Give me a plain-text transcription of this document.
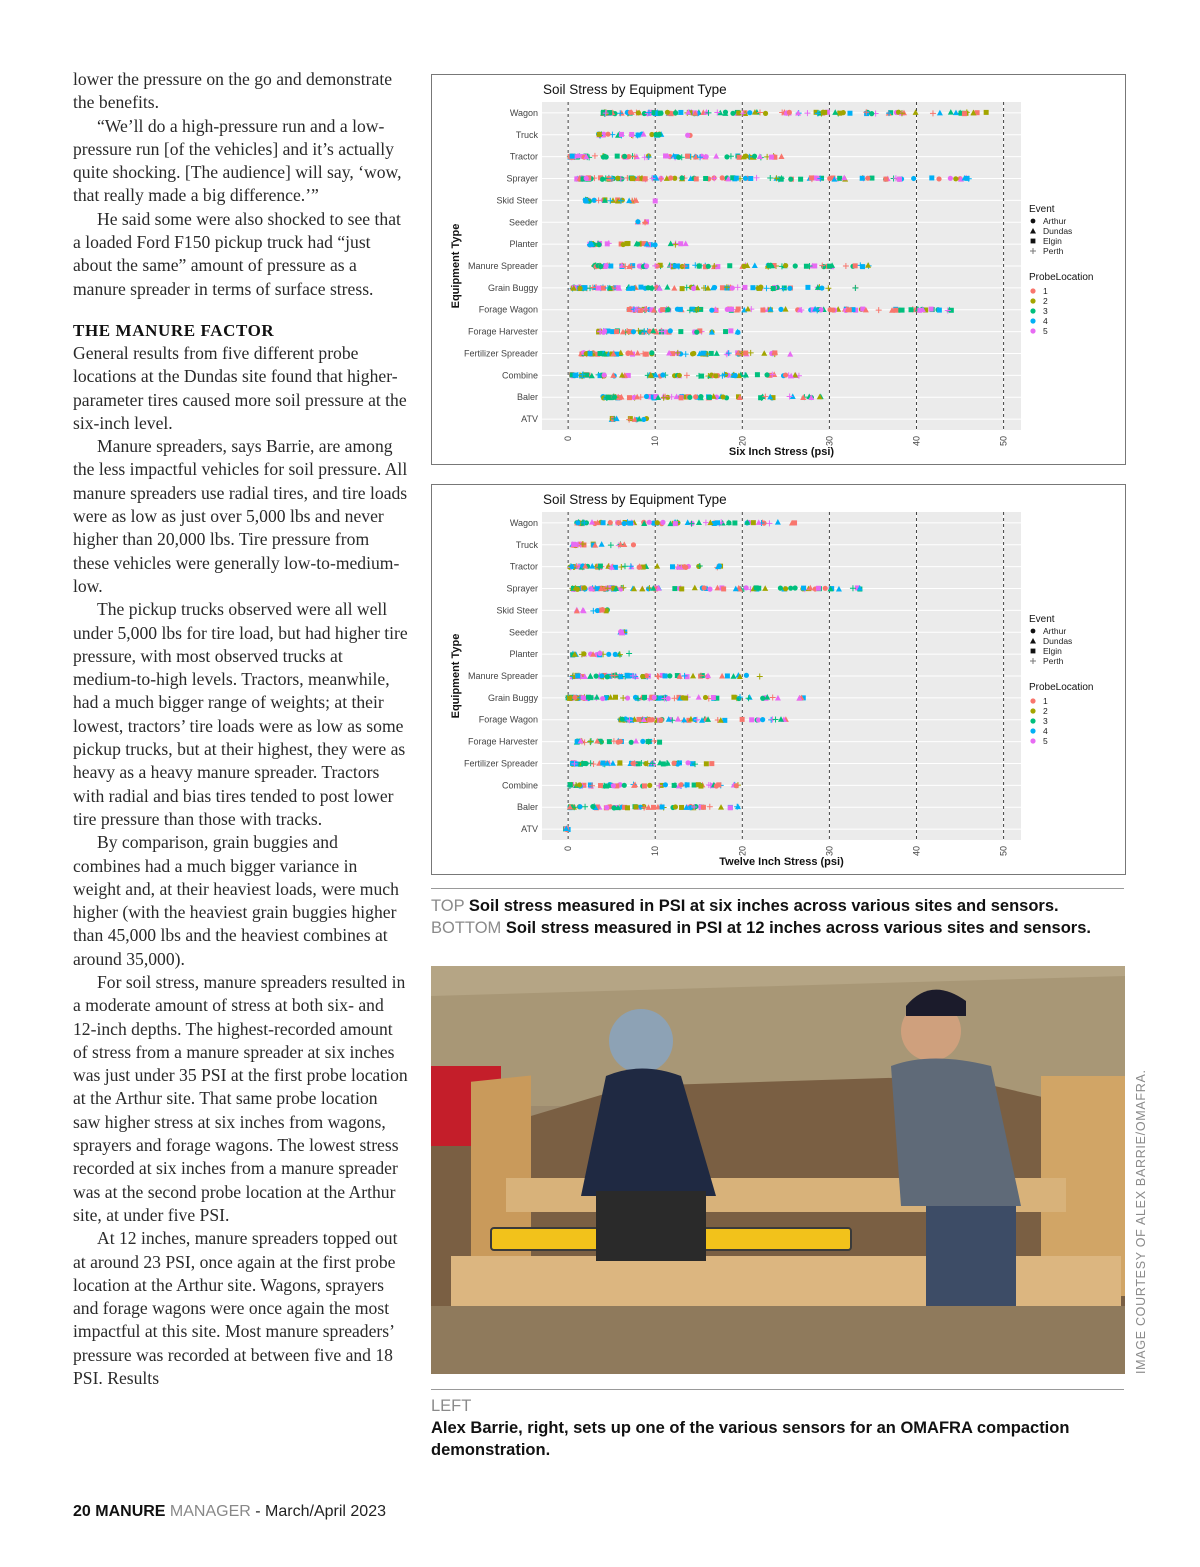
lower the pressure on the go and demonstrate the benefits.

“We’ll do a high-pressure run and a low-pressure run [of the vehicles] and it’s actually quite shocking. [The audience] will say, ‘wow, that really made a big difference.’”

He said some were also shocked to see that a loaded Ford F150 pickup truck had “just about the same” amount of pressure as a manure spreader in terms of surface stress.

THE MANURE FACTOR

General results from five different probe locations at the Dundas site found that higher-parameter tires caused more soil pressure at the six-inch level.

Manure spreaders, says Barrie, are among the less impactful vehicles for soil pressure. All manure spreaders use radial tires, and tire loads were as low as just over 5,000 lbs and never higher than 20,000 lbs. Tire pressure from these vehicles were generally low-to-medium-low.

The pickup trucks observed were all well under 5,000 lbs for tire load, but had higher tire pressure, with most observed trucks at medium-to-high levels. Tractors, meanwhile, had a much bigger range of weights; at their lowest, tractors’ tire loads were as low as some pickup trucks, but at their highest, they were as heavy as a heavy manure spreader. Tractors with radial and bias tires tended to post lower tire pressure than those with tracks.

By comparison, grain buggies and combines had a much bigger variance in weight and, at their heaviest loads, were much higher (with the heaviest grain buggies higher than 45,000 lbs and the heaviest combines at around 35,000).

For soil stress, manure spreaders resulted in a moderate amount of stress at both six- and 12-inch depths. The highest-recorded amount of stress from a manure spreader at six inches was just under 35 PSI at the first probe location at the Arthur site. That same probe location saw higher stress at six inches from wagons, sprayers and forage wagons. The lowest stress recorded at six inches from a manure spreader was at the second probe location at the Arthur site, at under five PSI.

At 12 inches, manure spreaders topped out at around 23 PSI, once again at the first probe location at the Arthur site. Wagons, sprayers and forage wagons were once again the most impactful at this site. Most manure spreaders’ pressure was recorded at between five and 18 PSI. Results

20 MANURE MANAGER - March/April 2023
Soil Stress by Equipment Type
Wagon
Truck
Tractor
Sprayer
Skid Steer
Seeder
Planter
Manure Spreader
Grain Buggy
Forage Wagon
Forage Harvester
Fertilizer Spreader
Combine
Baler
ATV
0	10	20	30	40	50
Six Inch Stress (psi)
Equipment Type
Event
Arthur
Dundas
Elgin
Perth
ProbeLocation
1
2
3
4
5
Soil Stress by Equipment Type
Wagon
Truck
Tractor
Sprayer
Skid Steer
Seeder
Planter
Manure Spreader
Grain Buggy
Forage Wagon
Forage Harvester
Fertilizer Spreader
Combine
Baler
ATV
0	10	20	30	40	50
Twelve Inch Stress (psi)
Equipment Type
Event
Arthur
Dundas
Elgin
Perth
ProbeLocation
1
2
3
4
5
TOP Soil stress measured in PSI at six inches across various sites and sensors.
BOTTOM Soil stress measured in PSI at 12 inches across various sites and sensors.
LEFT
Alex Barrie, right, sets up one of the various sensors for an OMAFRA compaction demonstration.
IMAGE COURTESY OF ALEX BARRIE/OMAFRA.
